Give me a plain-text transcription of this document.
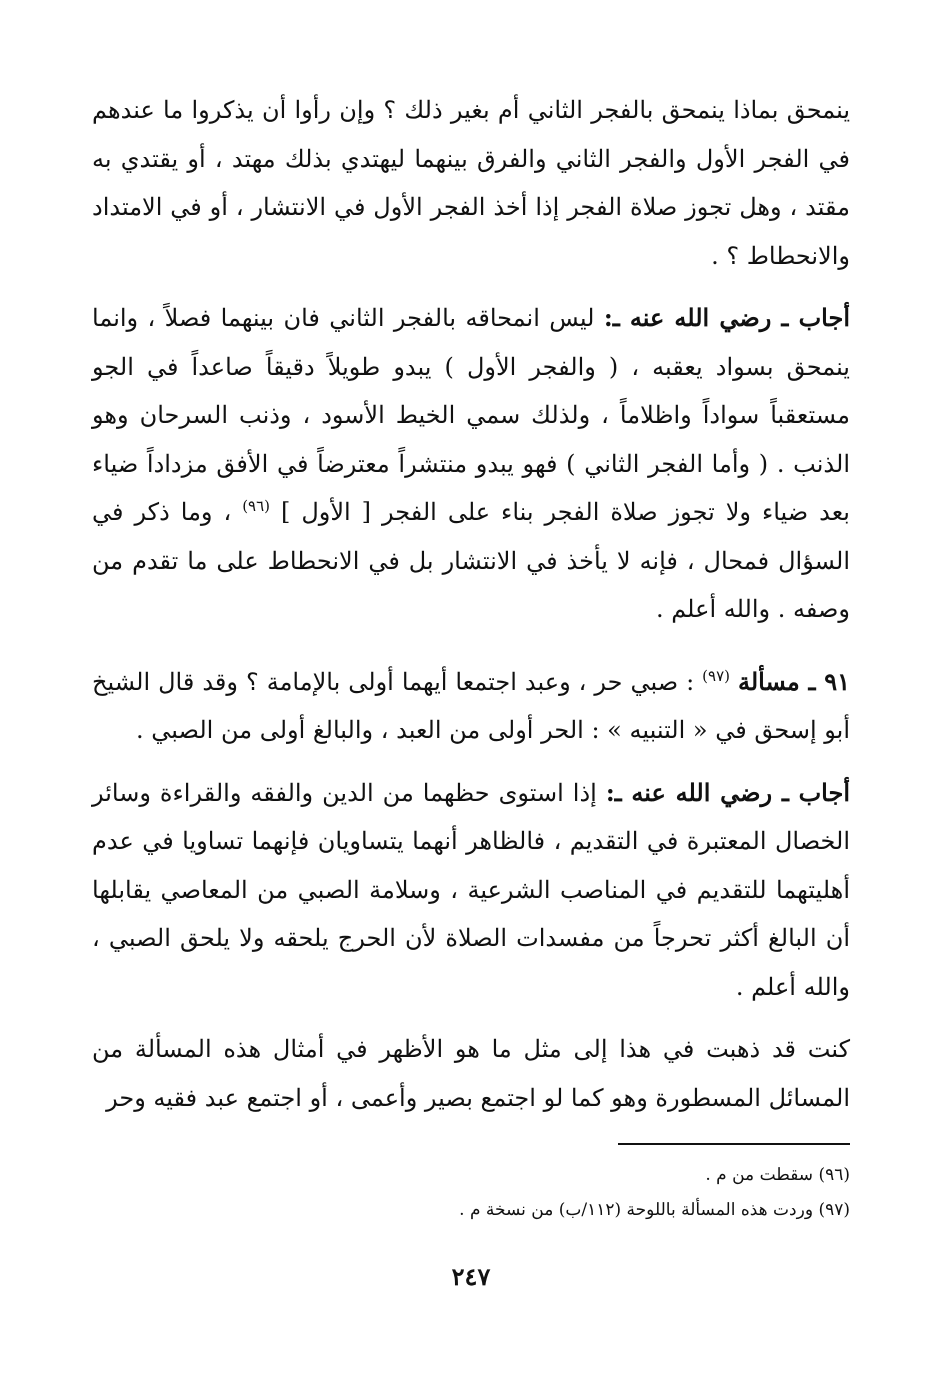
ينمحق بماذا ينمحق بالفجر الثاني أم بغير ذلك ؟ وإن رأوا أن يذكروا ما عندهم في الفجر الأول والفجر الثاني والفرق بينهما ليهتدي بذلك مهتد ، أو يقتدي به مقتد ، وهل تجوز صلاة الفجر إذا أخذ الفجر الأول في الانتشار ، أو في الامتداد والانحطاط ؟ .

أجاب ـ رضي الله عنه ـ: ليس انمحاقه بالفجر الثاني فان بينهما فصلاً ، وانما ينمحق بسواد يعقبه ، ( والفجر الأول ) يبدو طويلاً دقيقاً صاعداً في الجو مستعقباً سواداً واظلاماً ، ولذلك سمي الخيط الأسود ، وذنب السرحان وهو الذنب . ( وأما الفجر الثاني ) فهو يبدو منتشراً معترضاً في الأفق مزداداً ضياء بعد ضياء ولا تجوز صلاة الفجر بناء على الفجر [ الأول ] $^{(٩٦)}$ ، وما ذكر في السؤال فمحال ، فإنه لا يأخذ في الانتشار بل في الانحطاط على ما تقدم من وصفه . والله أعلم .

٩١ ـ مسألة $^{(٩٧)}$ : صبي حر ، وعبد اجتمعا أيهما أولى بالإمامة ؟ وقد قال الشيخ أبو إسحق في « التنبيه » : الحر أولى من العبد ، والبالغ أولى من الصبي .

أجاب ـ رضي الله عنه ـ: إذا استوى حظهما من الدين والفقه والقراءة وسائر الخصال المعتبرة في التقديم ، فالظاهر أنهما يتساويان فإنهما تساويا في عدم أهليتهما للتقديم في المناصب الشرعية ، وسلامة الصبي من المعاصي يقابلها أن البالغ أكثر تحرجاً من مفسدات الصلاة لأن الحرج يلحقه ولا يلحق الصبي ، والله أعلم .

كنت قد ذهبت في هذا إلى مثل ما هو الأظهر في أمثال هذه المسألة من المسائل المسطورة وهو كما لو اجتمع بصير وأعمى ، أو اجتمع عبد فقيه وحر

(٩٦) سقطت من م .
(٩٧) وردت هذه المسألة باللوحة (١١٢/ب) من نسخة م .
٢٤٧
